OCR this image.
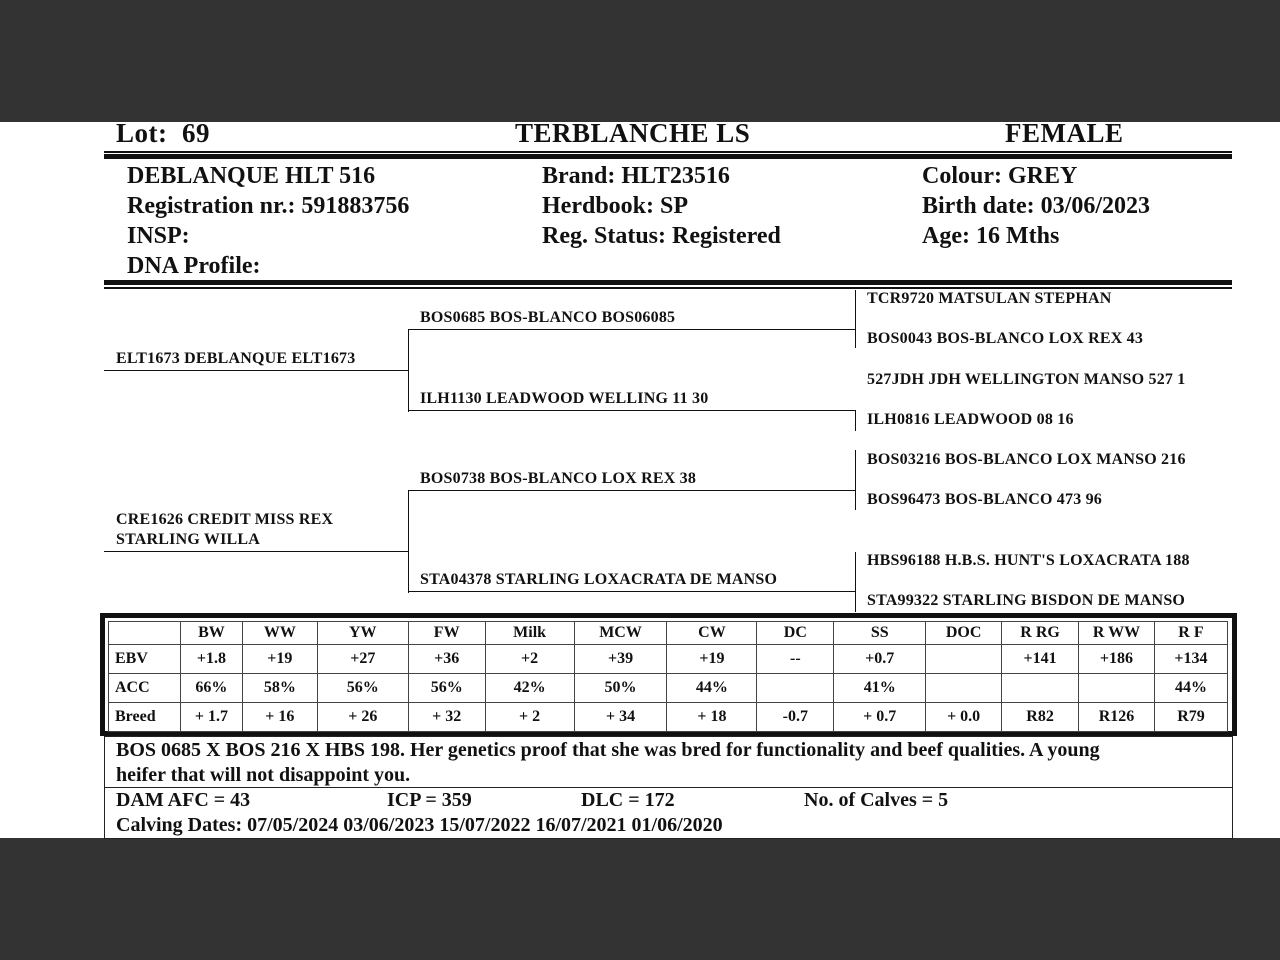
Lot: 69	TERBLANCHE LS	FEMALE
DEBLANQUE HLT 516
Registration nr.: 591883756
INSP:
DNA Profile:
Brand: HLT23516
Herdbook: SP
Reg. Status: Registered
Colour: GREY
Birth date: 03/06/2023
Age: 16 Mths
ELT1673 DEBLANQUE ELT1673
CRE1626 CREDIT MISS REX
STARLING WILLA
BOS0685 BOS-BLANCO BOS06085
ILH1130 LEADWOOD WELLING 11 30
BOS0738 BOS-BLANCO LOX REX 38
STA04378 STARLING LOXACRATA DE MANSO
TCR9720 MATSULAN STEPHAN
BOS0043 BOS-BLANCO LOX REX 43
527JDH JDH WELLINGTON MANSO 527 1
ILH0816 LEADWOOD 08 16
BOS03216 BOS-BLANCO LOX MANSO 216
BOS96473 BOS-BLANCO 473 96
HBS96188 H.B.S. HUNT'S LOXACRATA 188
STA99322 STARLING BISDON DE MANSO
	BW	WW	YW	FW	Milk	MCW	CW	DC	SS	DOC	R RG	R WW	R F
EBV	+1.8	+19	+27	+36	+2	+39	+19	--	+0.7		+141	+186	+134
ACC	66%	58%	56%	56%	42%	50%	44%		41%				44%
Breed	+ 1.7	+ 16	+ 26	+ 32	+ 2	+ 34	+ 18	-0.7	+ 0.7	+ 0.0	R82	R126	R79
BOS 0685 X BOS 216 X HBS 198. Her genetics proof that she was bred for functionality and beef qualities. A young
heifer that will not disappoint you.
DAM AFC = 43	ICP = 359	DLC = 172	No. of Calves = 5
Calving Dates: 07/05/2024 03/06/2023 15/07/2022 16/07/2021 01/06/2020
